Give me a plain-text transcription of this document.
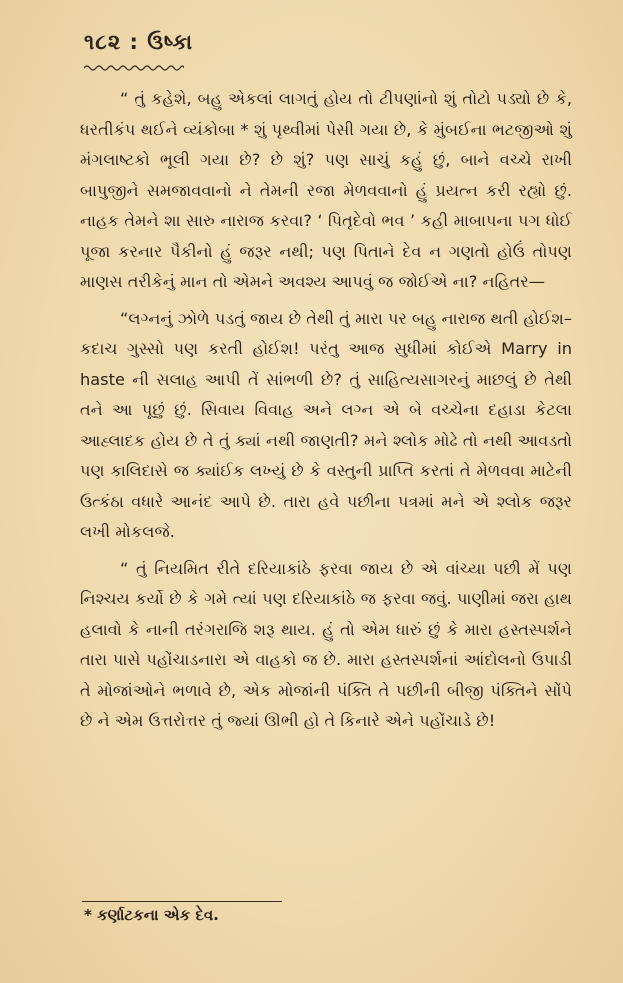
૧૮૨ : ઉષ્કા

“ તું કહેશે, બહુ એકલાં લાગતું હોય તો ટીપણાંનો શું તોટો પડ્યો છે કે, ધરતીકંપ થઈને વ્યંકોબા * શું પૃથ્વીમાં પેસી ગયા છે, કે મુંબઈના ભટજીઓ શું મંગલાષ્ટકો ભૂલી ગયા છે? છે શું? પણ સાચું કહું છું, બાને વચ્ચે રાખી બાપુજીને સમજાવવાનો ને તેમની રજા મેળવવાનો હું પ્રયત્ન કરી રહ્યો છું. નાહક તેમને શા સારુ નારાજ કરવા? ‘ પિતૃદેવો ભવ ’ કહી માબાપના પગ ધોઈ પૂજા કરનાર પૈકીનો હું જરૂર નથી; પણ પિતાને દેવ ન ગણતો હોઉં તોપણ માણસ તરીકેનું માન તો એમને અવશ્ય આપવું જ જોઈએ ના? નહિતર—

“લગ્નનું ઝોળે પડતું જાય છે તેથી તું મારા પર બહુ નારાજ થતી હોઈશ–કદાચ ગુસ્સો પણ કરતી હોઈશ! પરંતુ આજ સુધીમાં કોઈએ Marry in haste ની સલાહ આપી તેં સાંભળી છે? તું સાહિત્યસાગરનું માછલું છે તેથી તને આ પૂછું છું. સિવાય વિવાહ અને લગ્ન એ બે વચ્ચેના દહાડા કેટલા આહ્લાદક હોય છે તે તું ક્યાં નથી જાણતી? મને શ્લોક મોઢે તો નથી આવડતો પણ કાલિદાસે જ ક્યાંઈક લખ્યું છે કે વસ્તુની પ્રાપ્તિ કરતાં તે મેળવવા માટેની ઉત્કંઠા વધારે આનંદ આપે છે. તારા હવે પછીના પત્રમાં મને એ શ્લોક જરૂર લખી મોકલજે.

“ તું નિયમિત રીતે દરિયાકાંઠે ફરવા જાય છે એ વાંચ્યા પછી મેં પણ નિશ્ચય કર્યો છે કે ગમે ત્યાં પણ દરિયાકાંઠે જ ફરવા જવું. પાણીમાં જરા હાથ હલાવો કે નાની તરંગરાજિ શરૂ થાય. હું તો એમ ધારું છું કે મારા હસ્તસ્પર્શને તારા પાસે પહોંચાડનારા એ વાહકો જ છે. મારા હસ્તસ્પર્શનાં આંદોલનો ઉપાડી તે મોજાંઓને ભળાવે છે, એક મોજાંની પંક્તિ તે પછીની બીજી પંક્તિને સોંપે છે ને એમ ઉત્તરોત્તર તું જ્યાં ઊભી હો તે કિનારે એને પહોંચાડે છે!

* કર્ણાટકના એક દેવ.
